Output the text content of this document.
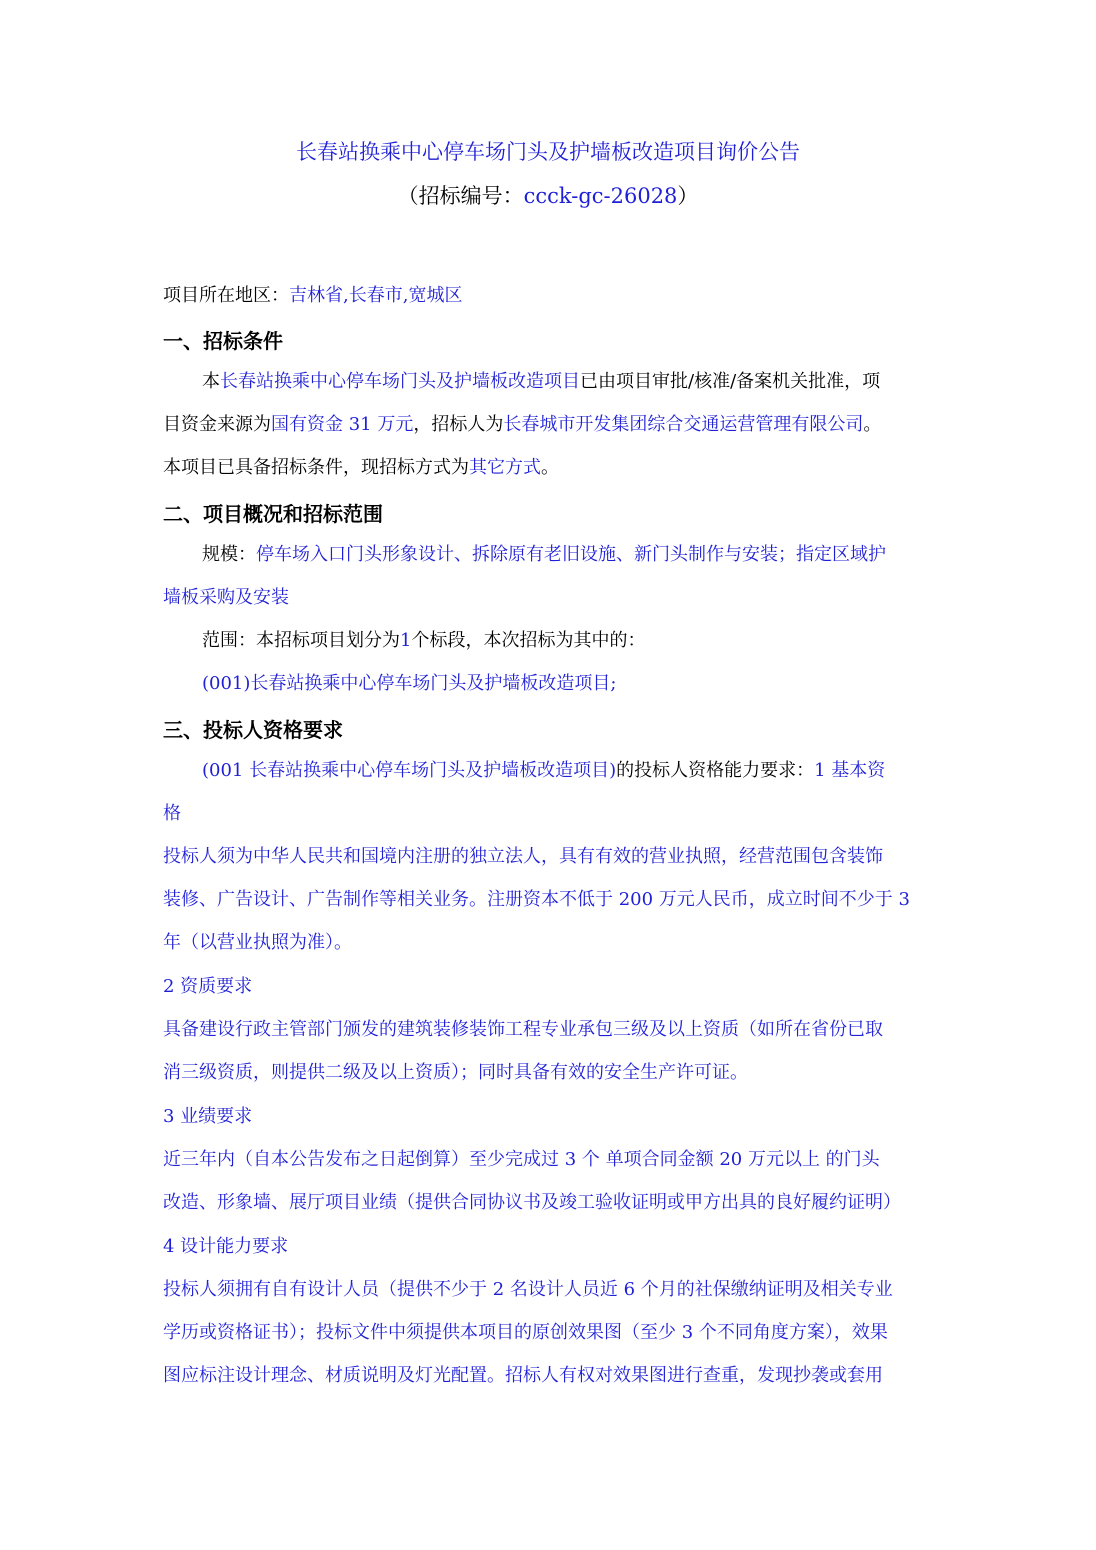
长春站换乘中心停车场门头及护墙板改造项目询价公告
（招标编号：ccck-gc-26028）
项目所在地区：吉林省,长春市,宽城区
一、招标条件
本长春站换乘中心停车场门头及护墙板改造项目已由项目审批/核准/备案机关批准，项
目资金来源为国有资金 31 万元，招标人为长春城市开发集团综合交通运营管理有限公司。
本项目已具备招标条件，现招标方式为其它方式。
二、项目概况和招标范围
规模：停车场入口门头形象设计、拆除原有老旧设施、新门头制作与安装；指定区域护
墙板采购及安装
范围：本招标项目划分为1个标段，本次招标为其中的：
(001)长春站换乘中心停车场门头及护墙板改造项目;
三、投标人资格要求
(001 长春站换乘中心停车场门头及护墙板改造项目)的投标人资格能力要求：1 基本资
格
投标人须为中华人民共和国境内注册的独立法人，具有有效的营业执照，经营范围包含装饰
装修、广告设计、广告制作等相关业务。注册资本不低于 200 万元人民币，成立时间不少于 3
年（以营业执照为准）。
2 资质要求
具备建设行政主管部门颁发的建筑装修装饰工程专业承包三级及以上资质（如所在省份已取
消三级资质，则提供二级及以上资质）；同时具备有效的安全生产许可证。
3 业绩要求
近三年内（自本公告发布之日起倒算）至少完成过 3 个 单项合同金额 20 万元以上 的门头
改造、形象墙、展厅项目业绩（提供合同协议书及竣工验收证明或甲方出具的良好履约证明）
4 设计能力要求
投标人须拥有自有设计人员（提供不少于 2 名设计人员近 6 个月的社保缴纳证明及相关专业
学历或资格证书）；投标文件中须提供本项目的原创效果图（至少 3 个不同角度方案），效果
图应标注设计理念、材质说明及灯光配置。招标人有权对效果图进行查重，发现抄袭或套用
